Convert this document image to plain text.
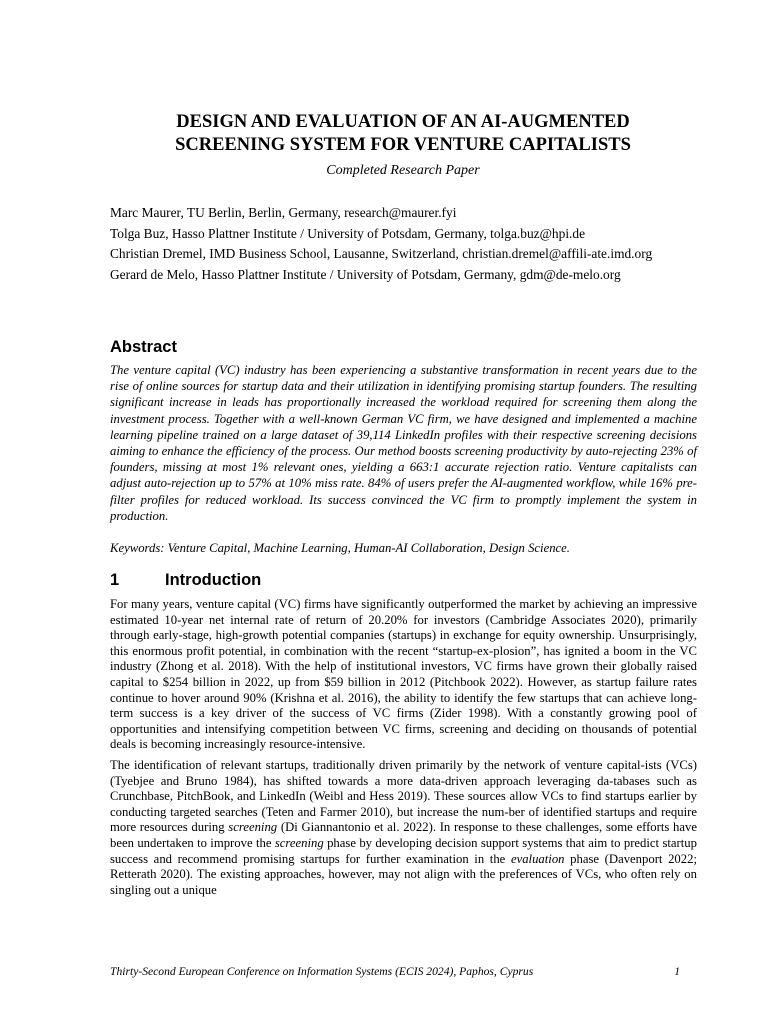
DESIGN AND EVALUATION OF AN AI-AUGMENTED
SCREENING SYSTEM FOR VENTURE CAPITALISTS
Completed Research Paper
Marc Maurer, TU Berlin, Berlin, Germany, research@maurer.fyi
Tolga Buz, Hasso Plattner Institute / University of Potsdam, Germany, tolga.buz@hpi.de
Christian Dremel, IMD Business School, Lausanne, Switzerland, christian.dremel@affili-ate.imd.org
Gerard de Melo, Hasso Plattner Institute / University of Potsdam, Germany, gdm@de-melo.org
Abstract
The venture capital (VC) industry has been experiencing a substantive transformation in recent years due to the rise of online sources for startup data and their utilization in identifying promising startup founders. The resulting significant increase in leads has proportionally increased the workload required for screening them along the investment process. Together with a well-known German VC firm, we have designed and implemented a machine learning pipeline trained on a large dataset of 39,114 LinkedIn profiles with their respective screening decisions aiming to enhance the efficiency of the process. Our method boosts screening productivity by auto-rejecting 23% of founders, missing at most 1% relevant ones, yielding a 663:1 accurate rejection ratio. Venture capitalists can adjust auto-rejection up to 57% at 10% miss rate. 84% of users prefer the AI-augmented workflow, while 16% pre-filter profiles for reduced workload. Its success convinced the VC firm to promptly implement the system in production.
Keywords: Venture Capital, Machine Learning, Human-AI Collaboration, Design Science.
1	Introduction

For many years, venture capital (VC) firms have significantly outperformed the market by achieving an impressive estimated 10-year net internal rate of return of 20.20% for investors (Cambridge Associates 2020), primarily through early-stage, high-growth potential companies (startups) in exchange for equity ownership. Unsurprisingly, this enormous profit potential, in combination with the recent “startup-ex-plosion”, has ignited a boom in the VC industry (Zhong et al. 2018). With the help of institutional investors, VC firms have grown their globally raised capital to $254 billion in 2022, up from $59 billion in 2012 (Pitchbook 2022). However, as startup failure rates continue to hover around 90% (Krishna et al. 2016), the ability to identify the few startups that can achieve long-term success is a key driver of the success of VC firms (Zider 1998). With a constantly growing pool of opportunities and intensifying competition between VC firms, screening and deciding on thousands of potential deals is becoming increasingly resource-intensive.

The identification of relevant startups, traditionally driven primarily by the network of venture capital-ists (VCs) (Tyebjee and Bruno 1984), has shifted towards a more data-driven approach leveraging da-tabases such as Crunchbase, PitchBook, and LinkedIn (Weibl and Hess 2019). These sources allow VCs to find startups earlier by conducting targeted searches (Teten and Farmer 2010), but increase the num-ber of identified startups and require more resources during screening (Di Giannantonio et al. 2022). In response to these challenges, some efforts have been undertaken to improve the screening phase by developing decision support systems that aim to predict startup success and recommend promising startups for further examination in the evaluation phase (Davenport 2022; Retterath 2020). The existing approaches, however, may not align with the preferences of VCs, who often rely on singling out a unique

Thirty-Second European Conference on Information Systems (ECIS 2024), Paphos, Cyprus	1
